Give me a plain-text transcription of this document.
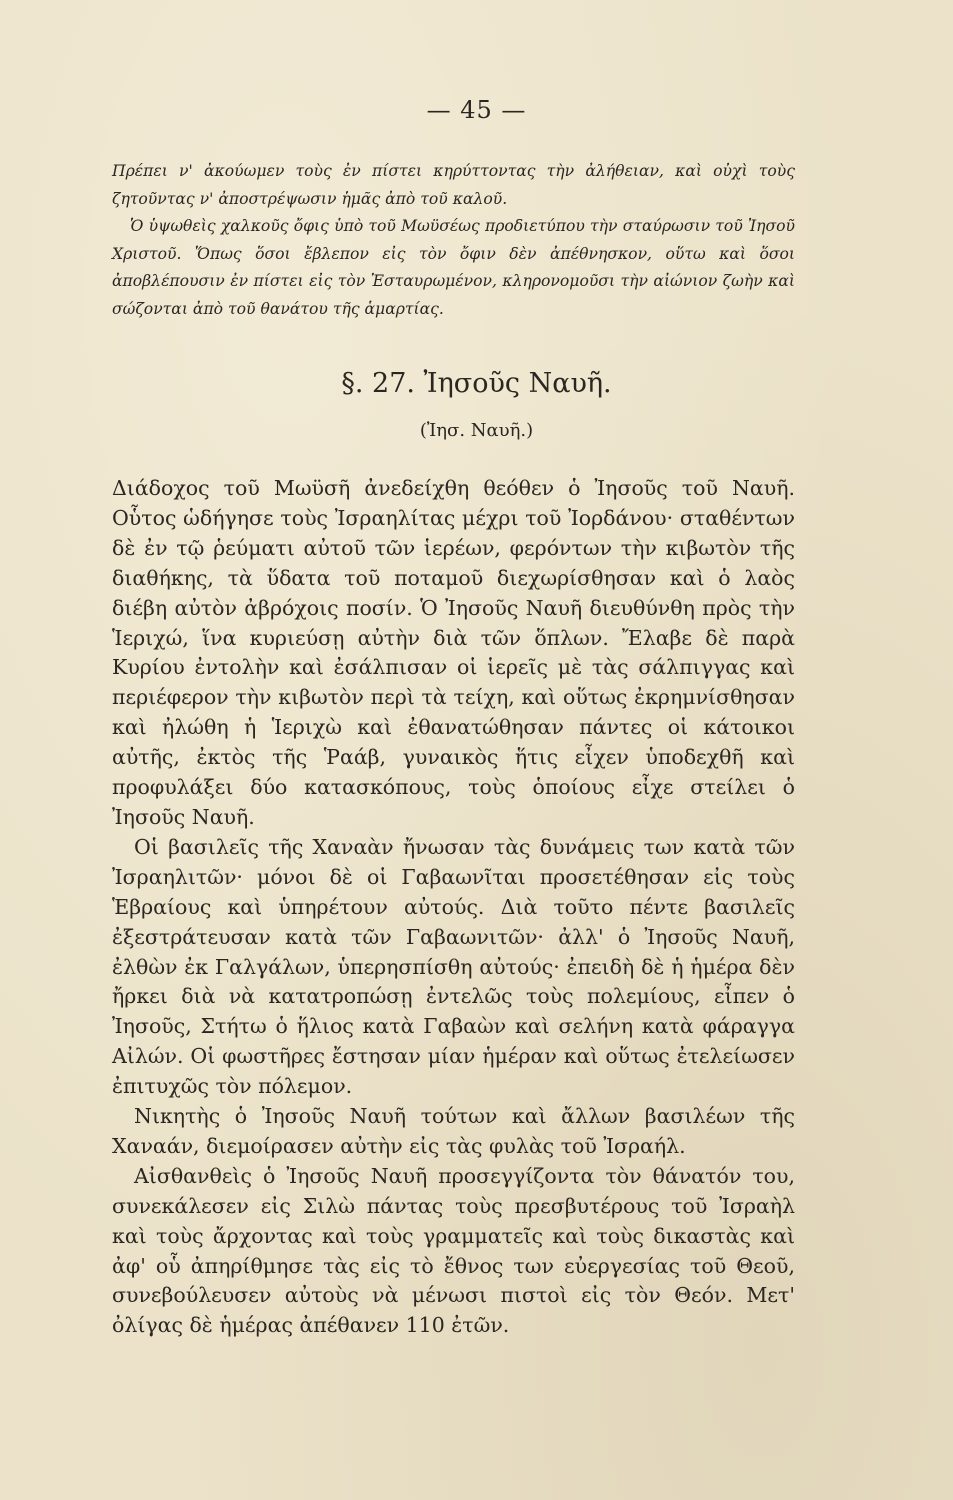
— 45 —

Πρέπει ν' ἀκούωμεν τοὺς ἐν πίστει κηρύττοντας τὴν ἀλήθειαν, καὶ οὐχὶ τοὺς ζητοῦντας ν' ἀποστρέψωσιν ἡμᾶς ἀπὸ τοῦ καλοῦ.

Ὁ ὑψωθεὶς χαλκοῦς ὄφις ὑπὸ τοῦ Μωϋσέως προδιετύπου τὴν σταύρωσιν τοῦ Ἰησοῦ Χριστοῦ. Ὅπως ὅσοι ἔβλεπον εἰς τὸν ὄφιν δὲν ἀπέθνησκον, οὕτω καὶ ὅσοι ἀποβλέπουσιν ἐν πίστει εἰς τὸν Ἐσταυρωμένον, κληρονομοῦσι τὴν αἰώνιον ζωὴν καὶ σώζονται ἀπὸ τοῦ θανάτου τῆς ἁμαρτίας.

§. 27. Ἰησοῦς Ναυῆ.
(Ἰησ. Ναυῆ.)

Διάδοχος τοῦ Μωϋσῆ ἀνεδείχθη θεόθεν ὁ Ἰησοῦς τοῦ Ναυῆ. Οὗτος ὡδήγησε τοὺς Ἰσραηλίτας μέχρι τοῦ Ἰορδάνου· σταθέντων δὲ ἐν τῷ ῥεύματι αὐτοῦ τῶν ἱερέων, φερόντων τὴν κιβωτὸν τῆς διαθήκης, τὰ ὕδατα τοῦ ποταμοῦ διεχωρίσθησαν καὶ ὁ λαὸς διέβη αὐτὸν ἀβρόχοις ποσίν. Ὁ Ἰησοῦς Ναυῆ διευθύνθη πρὸς τὴν Ἱεριχώ, ἵνα κυριεύσῃ αὐτὴν διὰ τῶν ὅπλων. Ἔλαβε δὲ παρὰ Κυρίου ἐντολὴν καὶ ἐσάλπισαν οἱ ἱερεῖς μὲ τὰς σάλπιγγας καὶ περιέφερον τὴν κιβωτὸν περὶ τὰ τείχη, καὶ οὕτως ἐκρημνίσθησαν καὶ ἠλώθη ἡ Ἱεριχὼ καὶ ἐθανατώθησαν πάντες οἱ κάτοικοι αὐτῆς, ἐκτὸς τῆς Ῥαάβ, γυναικὸς ἥτις εἶχεν ὑποδεχθῆ καὶ προφυλάξει δύο κατασκόπους, τοὺς ὁποίους εἶχε στείλει ὁ Ἰησοῦς Ναυῆ.

Οἱ βασιλεῖς τῆς Χαναὰν ἤνωσαν τὰς δυνάμεις των κατὰ τῶν Ἰσραηλιτῶν· μόνοι δὲ οἱ Γαβαωνῖται προσετέθησαν εἰς τοὺς Ἑβραίους καὶ ὑπηρέτουν αὐτούς. Διὰ τοῦτο πέντε βασιλεῖς ἐξεστράτευσαν κατὰ τῶν Γαβαωνιτῶν· ἀλλ' ὁ Ἰησοῦς Ναυῆ, ἐλθὼν ἐκ Γαλγάλων, ὑπερησπίσθη αὐτούς· ἐπειδὴ δὲ ἡ ἡμέρα δὲν ἤρκει διὰ νὰ κατατροπώσῃ ἐντελῶς τοὺς πολεμίους, εἶπεν ὁ Ἰησοῦς, Στήτω ὁ ἥλιος κατὰ Γαβαὼν καὶ σελήνη κατὰ φάραγγα Αἰλών. Οἱ φωστῆρες ἔστησαν μίαν ἡμέραν καὶ οὕτως ἐτελείωσεν ἐπιτυχῶς τὸν πόλεμον.

Νικητὴς ὁ Ἰησοῦς Ναυῆ τούτων καὶ ἄλλων βασιλέων τῆς Χαναάν, διεμοίρασεν αὐτὴν εἰς τὰς φυλὰς τοῦ Ἰσραήλ.

Αἰσθανθεὶς ὁ Ἰησοῦς Ναυῆ προσεγγίζοντα τὸν θάνατόν του, συνεκάλεσεν εἰς Σιλὼ πάντας τοὺς πρεσβυτέρους τοῦ Ἰσραὴλ καὶ τοὺς ἄρχοντας καὶ τοὺς γραμματεῖς καὶ τοὺς δικαστὰς καὶ ἀφ' οὗ ἀπηρίθμησε τὰς εἰς τὸ ἔθνος των εὐεργεσίας τοῦ Θεοῦ, συνεβούλευσεν αὐτοὺς νὰ μένωσι πιστοὶ εἰς τὸν Θεόν. Μετ' ὀλίγας δὲ ἡμέρας ἀπέθανεν 110 ἐτῶν.
